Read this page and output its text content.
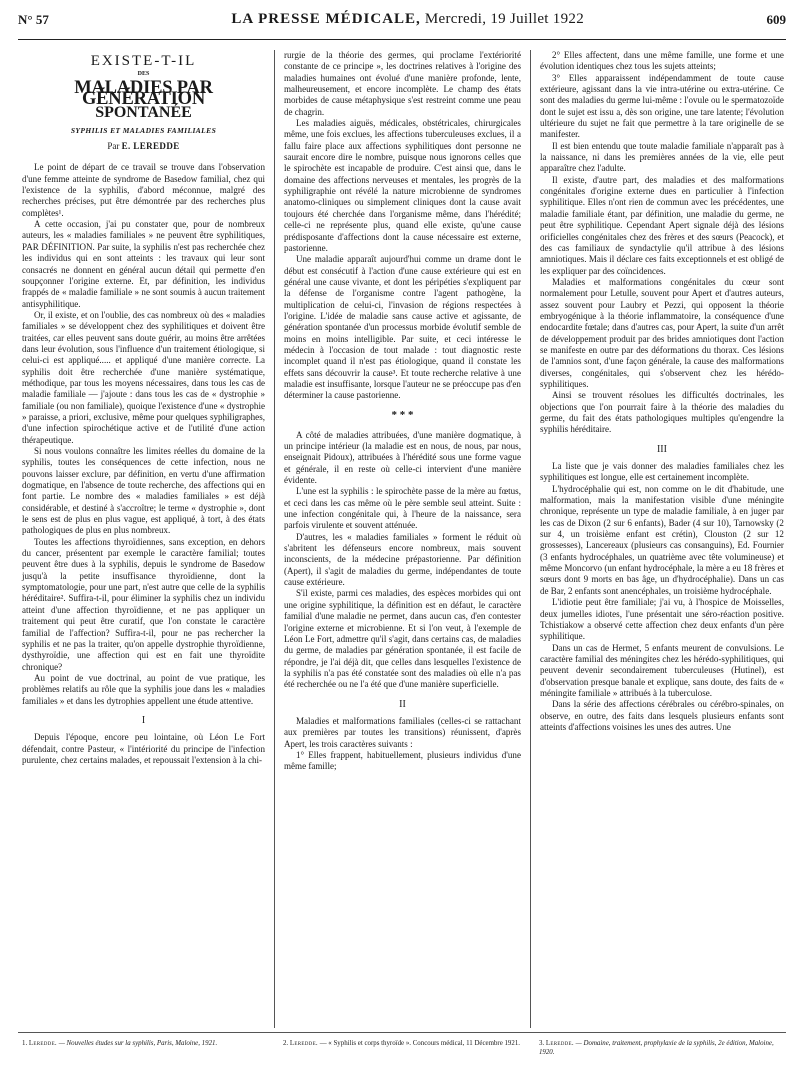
N° 57	LA PRESSE MÉDICALE, Mercredi, 19 Juillet 1922	609
EXISTE-T-IL
DES
MALADIES PAR GÉNÉRATION
SPONTANÉE
SYPHILIS ET MALADIES FAMILIALES
Par E. LEREDDE

Le point de départ de ce travail se trouve dans l'observation d'une femme atteinte de syndrome de Basedow familial, chez qui l'existence de la syphilis, d'abord méconnue, malgré des recherches précises, put être démontrée par des recherches plus complètes¹.

A cette occasion, j'ai pu constater que, pour de nombreux auteurs, les « maladies familiales » ne peuvent être syphilitiques, PAR DÉFINITION. Par suite, la syphilis n'est pas recherchée chez les individus qui en sont atteints : les travaux qui leur sont consacrés ne donnent en général aucun détail qui permette d'en soupçonner l'origine externe. Et, par définition, les individus frappés de « maladie familiale » ne sont soumis à aucun traitement antisyphilitique.

Or, il existe, et on l'oublie, des cas nombreux où des « maladies familiales » se développent chez des syphilitiques et doivent être traitées, car elles peuvent sans doute guérir, au moins être arrêtées dans leur évolution, sous l'influence d'un traitement étiologique, si celui-ci est appliqué..... et appliqué d'une manière correcte. La syphilis doit être recherchée d'une manière systématique, méthodique, par tous les moyens nécessaires, dans tous les cas de maladie familiale — j'ajoute : dans tous les cas de « dystrophie » familiale (ou non familiale), quoique l'existence d'une « dystrophie » paraisse, a priori, exclusive, même pour quelques syphiligraphes, d'une infection spirochétique active et de l'utilité d'une action thérapeutique.

Si nous voulons connaître les limites réelles du domaine de la syphilis, toutes les conséquences de cette infection, nous ne pouvons laisser exclure, par définition, en vertu d'une affirmation dogmatique, en l'absence de toute recherche, des affections qui en font partie. Le nombre des « maladies familiales » est déjà considérable, et destiné à s'accroître; le terme « dystrophie », dont le sens est de plus en plus vague, est appliqué, à tort, à des états pathologiques de plus en plus nombreux.

Toutes les affections thyroïdiennes, sans exception, en dehors du cancer, présentent par exemple le caractère familial; toutes peuvent être dues à la syphilis, depuis le syndrome de Basedow jusqu'à la petite insuffisance thyroïdienne, dont la symptomatologie, pour une part, n'est autre que celle de la syphilis héréditaire². Suffira-t-il, pour éliminer la syphilis chez un individu atteint d'une affection thyroïdienne, et ne pas appliquer un traitement qui peut être curatif, que l'on constate le caractère familial de l'affection? Suffira-t-il, pour ne pas rechercher la syphilis et ne pas la traiter, qu'on appelle dystrophie thyroïdienne, dysthyroïdie, une affection qui est en fait une thyroïdite chronique?

Au point de vue doctrinal, au point de vue pratique, les problèmes relatifs au rôle que la syphilis joue dans les « maladies familiales » et dans les dytrophies appellent une étude attentive.

I

Depuis l'époque, encore peu lointaine, où Léon Le Fort défendait, contre Pasteur, « l'intériorité du principe de l'infection purulente, chez certains malades, et repoussait l'extension à la chi-

rurgie de la théorie des germes, qui proclame l'extériorité constante de ce principe », les doctrines relatives à l'origine des maladies humaines ont évolué d'une manière profonde, lente, malheureusement, et encore incomplète. Le champ des états morbides de cause métaphysique s'est restreint comme une peau de chagrin.

Les maladies aiguës, médicales, obstétricales, chirurgicales même, une fois exclues, les affections tuberculeuses exclues, il a fallu faire place aux affections syphilitiques dont personne ne saurait encore dire le nombre, puisque nous ignorons celles que le spirochète est incapable de produire. C'est ainsi que, dans le domaine des affections nerveuses et mentales, les progrès de la syphiligraphie ont révélé la nature microbienne de syndromes anatomo-cliniques ou simplement cliniques dont la cause avait toujours été cherchée dans l'organisme même, dans l'hérédité; celle-ci ne représente plus, quand elle existe, qu'une cause prédisposante d'affections dont la cause nécessaire est externe, pastorienne.

Une maladie apparaît aujourd'hui comme un drame dont le début est consécutif à l'action d'une cause extérieure qui est en général une cause vivante, et dont les péripéties s'expliquent par la défense de l'organisme contre l'agent pathogène, la multiplication de celui-ci, l'invasion de régions respectées à l'origine. L'idée de maladie sans cause active et agissante, de génération spontanée d'un processus morbide évolutif semble de moins en moins intelligible. Par suite, et ceci intéresse le médecin à l'occasion de tout malade : tout diagnostic reste incomplet quand il n'est pas étiologique, quand il constate les effets sans découvrir la cause³. Et toute recherche relative à une maladie est insuffisante, lorsque l'auteur ne se préoccupe pas d'en déterminer la cause pastorienne.

* * *

A côté de maladies attribuées, d'une manière dogmatique, à un principe intérieur (la maladie est en nous, de nous, par nous, enseignait Pidoux), attribuées à l'hérédité sous une forme vague et générale, il en reste où celle-ci intervient d'une manière évidente.

L'une est la syphilis : le spirochète passe de la mère au fœtus, et ceci dans les cas même où le père semble seul atteint. Suite : une infection congénitale qui, à l'heure de la naissance, sera parfois virulente et souvent atténuée.

D'autres, les « maladies familiales » forment le réduit où s'abritent les défenseurs encore nombreux, mais souvent inconscients, de la médecine prépastorienne. Par définition (Apert), il s'agit de maladies du germe, indépendantes de toute cause extérieure.

S'il existe, parmi ces maladies, des espèces morbides qui ont une origine syphilitique, la définition est en défaut, le caractère familial d'une maladie ne permet, dans aucun cas, d'en contester l'origine externe et microbienne. Et si l'on veut, à l'exemple de Léon Le Fort, admettre qu'il s'agit, dans certains cas, de maladies du germe, de maladies par génération spontanée, il est facile de répondre, je l'ai déjà dit, que celles dans lesquelles l'existence de la syphilis n'a pas été constatée sont des maladies où elle n'a pas été recherchée ou ne l'a été que d'une manière superficielle.

II

Maladies et malformations familiales (celles-ci se rattachant aux premières par toutes les transitions) réunissent, d'après Apert, les trois caractères suivants :

1° Elles frappent, habituellement, plusieurs individus d'une même famille;

2° Elles affectent, dans une même famille, une forme et une évolution identiques chez tous les sujets atteints;

3° Elles apparaissent indépendamment de toute cause extérieure, agissant dans la vie intra-utérine ou extra-utérine. Ce sont des maladies du germe lui-même : l'ovule ou le spermatozoïde dont le sujet est issu a, dès son origine, une tare latente; l'évolution ultérieure du sujet ne fait que permettre à la tare originelle de se manifester.

Il est bien entendu que toute maladie familiale n'apparaît pas à la naissance, ni dans les premières années de la vie, elle peut apparaître chez l'adulte.

Il existe, d'autre part, des maladies et des malformations congénitales d'origine externe dues en particulier à l'infection syphilitique. Elles n'ont rien de commun avec les précédentes, une maladie familiale étant, par définition, une maladie du germe, ne peut être syphilitique. Cependant Apert signale déjà des lésions orificielles congénitales chez des frères et des sœurs (Peacock), et des cas familiaux de syndactylie qu'il attribue à des lésions amniotiques. Mais il déclare ces faits exceptionnels et est obligé de les expliquer par des coïncidences.

Maladies et malformations congénitales du cœur sont normalement pour Letulle, souvent pour Apert et d'autres auteurs, assez souvent pour Laubry et Pezzi, qui opposent la théorie embryogénique à la théorie inflammatoire, la conséquence d'une endocardite fœtale; dans d'autres cas, pour Apert, la suite d'un arrêt de développement produit par des brides amniotiques dont l'action se manifeste en outre par des déformations du thorax. Ces lésions de l'amnios sont, d'une façon générale, la cause des malformations diverses, congénitales, qui s'observent chez les hérédo-syphilitiques.

Ainsi se trouvent résolues les difficultés doctrinales, les objections que l'on pourrait faire à la théorie des maladies du germe, du fait des états pathologiques multiples qu'engendre la syphilis héréditaire.

III

La liste que je vais donner des maladies familiales chez les syphilitiques est longue, elle est certainement incomplète.

L'hydrocéphalie qui est, non comme on le dit d'habitude, une malformation, mais la manifestation visible d'une méningite chronique, représente un type de maladie familiale, à en juger par les cas de Dixon (2 sur 6 enfants), Bader (4 sur 10), Tarnowsky (2 sur 4, un troisième enfant est crétin), Clouston (2 sur 12 grossesses), Lancereaux (plusieurs cas consanguins), Ed. Fournier (3 enfants hydrocéphales, un quatrième avec tête volumineuse) et même Moncorvo (un enfant hydrocéphale, la mère a eu 18 frères et sœurs dont 9 morts en bas âge, un d'hydrocéphalie). Dans un cas de Bar, 2 enfants sont anencéphales, un troisième hydrocéphale.

L'idiotie peut être familiale; j'ai vu, à l'hospice de Moisselles, deux jumelles idiotes, l'une présentait une séro-réaction positive. Tchistiakow a observé cette affection chez deux enfants d'un père syphilitique.

Dans un cas de Hermet, 5 enfants meurent de convulsions. Le caractère familial des méningites chez les hérédo-syphilitiques, qui peuvent devenir secondairement tuberculeuses (Hutinel), est d'observation presque banale et explique, sans doute, des faits de « méningite familiale » attribués à la tuberculose.

Dans la série des affections cérébrales ou cérébro-spinales, on observe, en outre, des faits dans lesquels plusieurs enfants sont atteints d'affections voisines les unes des autres. Une

1. Leredde. — Nouvelles études sur la syphilis, Paris, Maloine, 1921.	2. Leredde. — « Syphilis et corps thyroïde ». Concours médical, 11 Décembre 1921.	3. Leredde. — Domaine, traitement, prophylaxie de la syphilis, 2e édition, Maloine, 1920.
